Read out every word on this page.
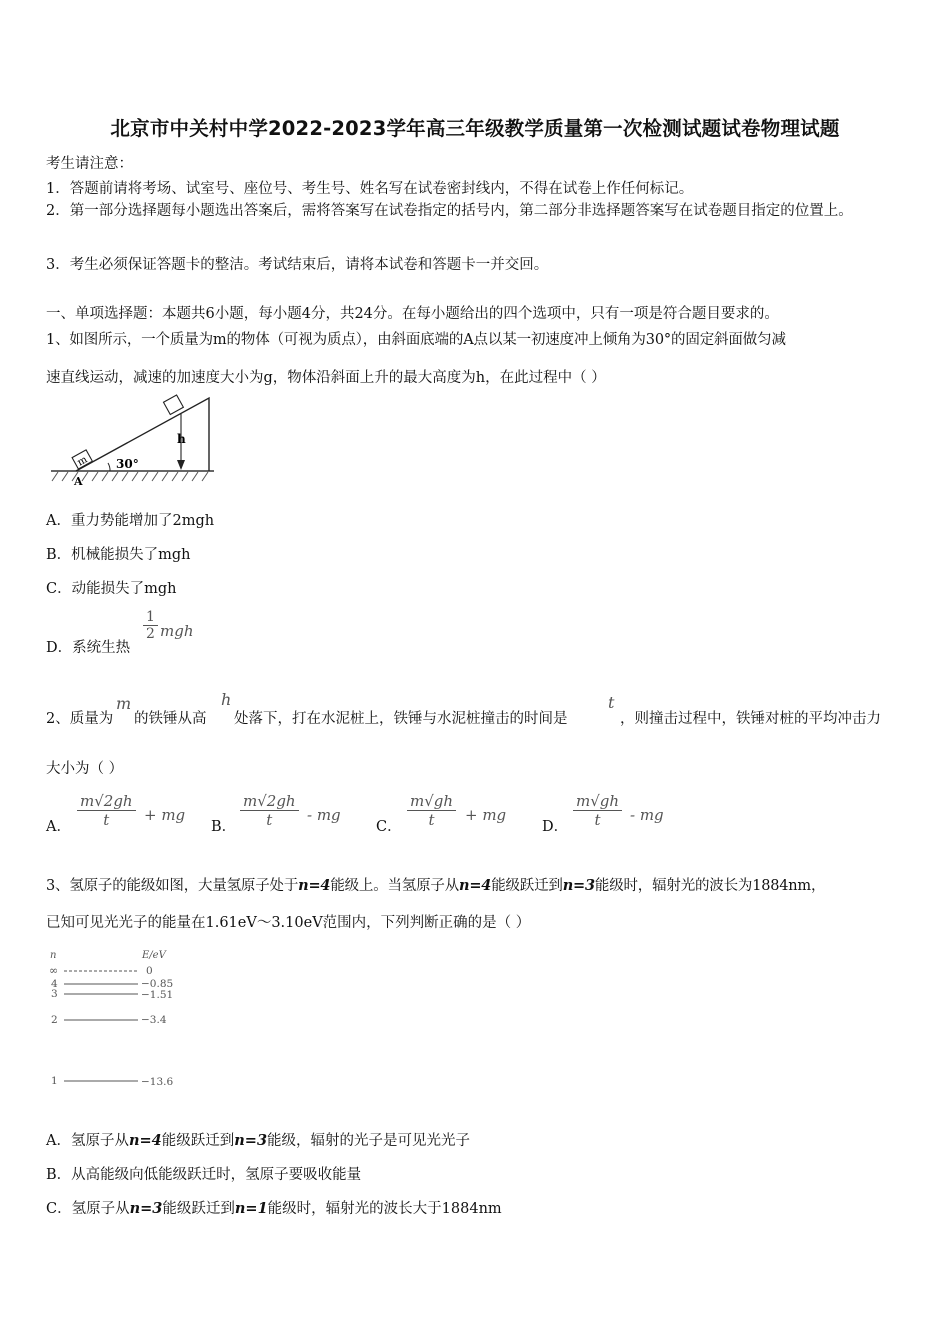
北京市中关村中学2022-2023学年高三年级教学质量第一次检测试题试卷物理试题
考生请注意：
1．答题前请将考场、试室号、座位号、考生号、姓名写在试卷密封线内，不得在试卷上作任何标记。
2．第一部分选择题每小题选出答案后，需将答案写在试卷指定的括号内，第二部分非选择题答案写在试卷题目指定的位置上。
3．考生必须保证答题卡的整洁。考试结束后，请将本试卷和答题卡一并交回。
一、单项选择题：本题共6小题，每小题4分，共24分。在每小题给出的四个选项中，只有一项是符合题目要求的。
1、如图所示，一个质量为m的物体（可视为质点），由斜面底端的A点以某一初速度冲上倾角为30°的固定斜面做匀减
速直线运动，减速的加速度大小为g，物体沿斜面上升的最大高度为h，在此过程中（ ）
h
30°
m
A
A．重力势能增加了2mgh
B．机械能损失了mgh
C．动能损失了mgh
D．系统生热
$\frac{1}{2}$ mgh
2、质量为
m
的铁锤从高
h
处落下，打在水泥桩上，铁锤与水泥桩撞击的时间是
t
，则撞击过程中，铁锤对桩的平均冲击力
大小为（ ）
A． $\frac{m√2gh}{t}$ + mg
B． $\frac{m√2gh}{t}$ - mg
C． $\frac{m√gh}{t}$ + mg
D． $\frac{m√gh}{t}$ - mg
3、氢原子的能级如图，大量氢原子处于n=4能级上。当氢原子从n=4能级跃迁到n=3能级时，辐射光的波长为1884nm，
已知可见光光子的能量在1.61eV～3.10eV范围内，下列判断正确的是（ ）
n	E/eV
∞	0
4	−0.85
3	−1.51
2	−3.4
1	−13.6
A．氢原子从n=4能级跃迁到n=3能级，辐射的光子是可见光光子
B．从高能级向低能级跃迁时，氢原子要吸收能量
C．氢原子从n=3能级跃迁到n=1能级时，辐射光的波长大于1884nm
